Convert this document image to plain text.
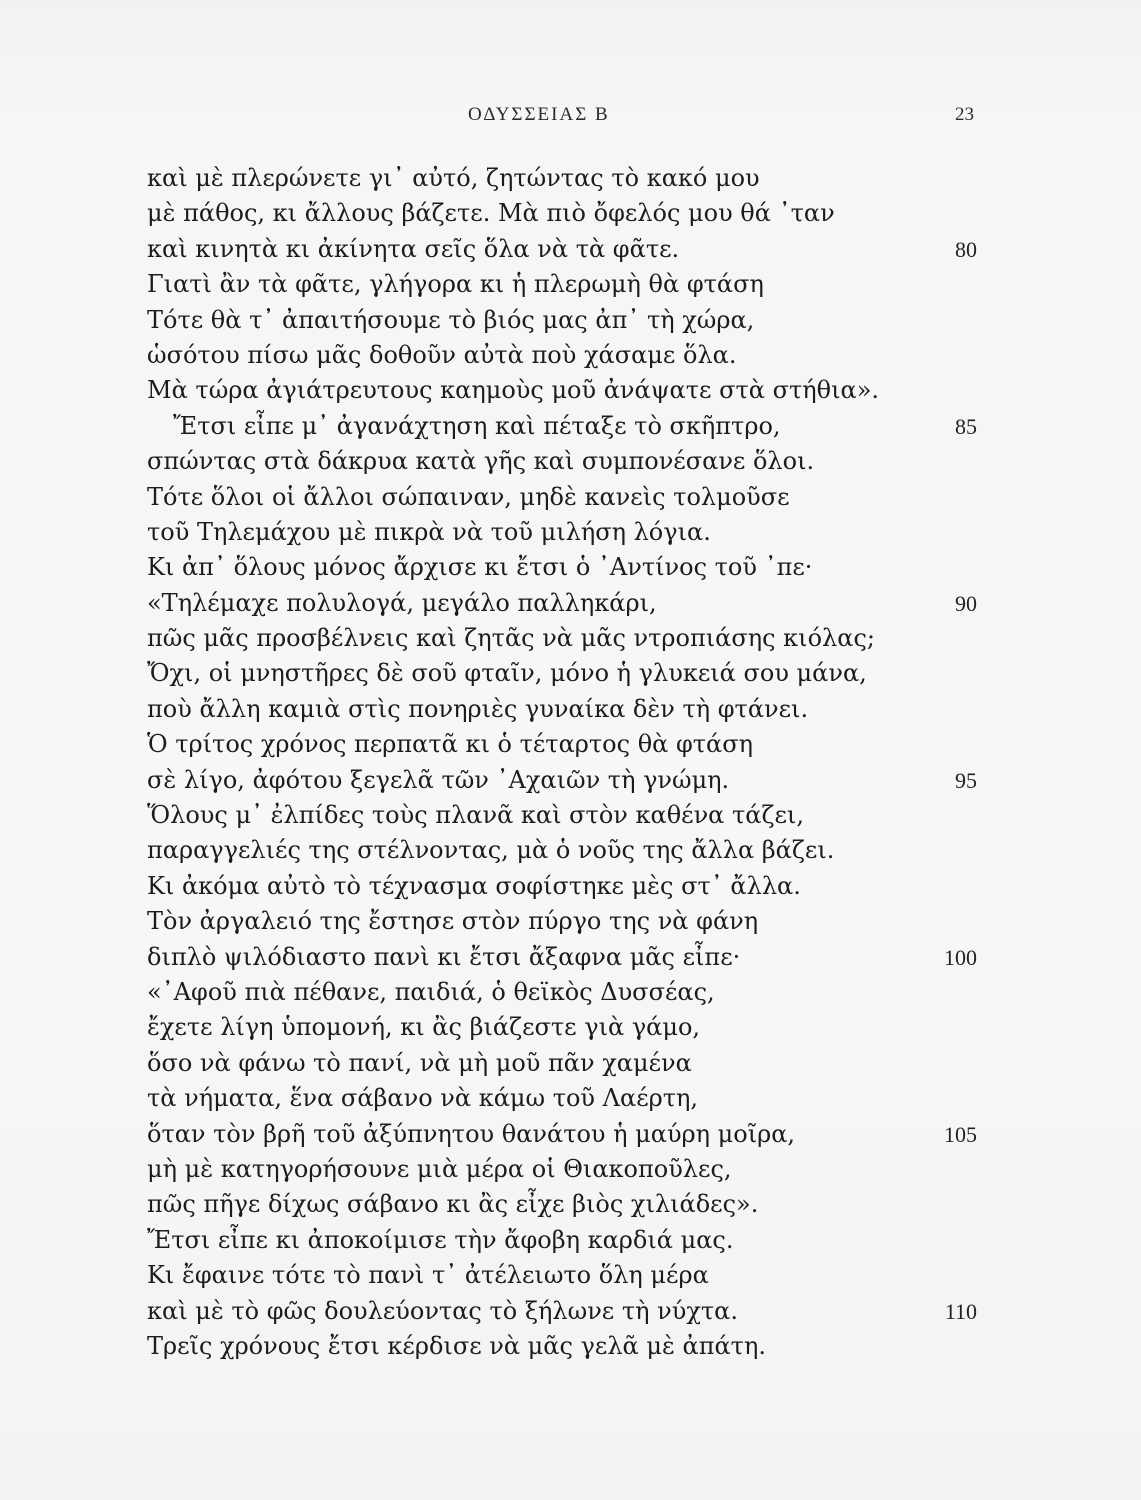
ΟΔΥΣΣΕΙΑΣ Β	23
καὶ μὲ πλερώνετε γι᾽ αὐτό, ζητώντας τὸ κακό μου
μὲ πάθος, κι ἄλλους βάζετε. Μὰ πιὸ ὄφελός μου θά ᾽ταν
καὶ κινητὰ κι ἀκίνητα σεῖς ὅλα νὰ τὰ φᾶτε.	80
Γιατὶ ἂν τὰ φᾶτε, γλήγορα κι ἡ πλερωμὴ θὰ φτάση
Τότε θὰ τ᾽ ἀπαιτήσουμε τὸ βιός μας ἀπ᾽ τὴ χώρα,
ὡσότου πίσω μᾶς δοθοῦν αὐτὰ ποὺ χάσαμε ὅλα.
Μὰ τώρα ἀγιάτρευτους καημοὺς μοῦ ἀνάψατε στὰ στήθια».
Ἔτσι εἶπε μ᾽ ἀγανάχτηση καὶ πέταξε τὸ σκῆπτρο,	85
σπώντας στὰ δάκρυα κατὰ γῆς καὶ συμπονέσανε ὅλοι.
Τότε ὅλοι οἱ ἄλλοι σώπαιναν, μηδὲ κανεὶς τολμοῦσε
τοῦ Τηλεμάχου μὲ πικρὰ νὰ τοῦ μιλήση λόγια.
Κι ἀπ᾽ ὅλους μόνος ἄρχισε κι ἔτσι ὁ ᾽Αντίνος τοῦ ᾽πε·
«Τηλέμαχε πολυλογά, μεγάλο παλληκάρι,	90
πῶς μᾶς προσβέλνεις καὶ ζητᾶς νὰ μᾶς ντροπιάσης κιόλας;
Ὄχι, οἱ μνηστῆρες δὲ σοῦ φταῖν, μόνο ἡ γλυκειά σου μάνα,
ποὺ ἄλλη καμιὰ στὶς πονηριὲς γυναίκα δὲν τὴ φτάνει.
Ὁ τρίτος χρόνος περπατᾶ κι ὁ τέταρτος θὰ φτάση
σὲ λίγο, ἀφότου ξεγελᾶ τῶν ᾽Αχαιῶν τὴ γνώμη.	95
Ὅλους μ᾽ ἐλπίδες τοὺς πλανᾶ καὶ στὸν καθένα τάζει,
παραγγελιές της στέλνοντας, μὰ ὁ νοῦς της ἄλλα βάζει.
Κι ἀκόμα αὐτὸ τὸ τέχνασμα σοφίστηκε μὲς στ᾽ ἄλλα.
Τὸν ἀργαλειό της ἔστησε στὸν πύργο της νὰ φάνη
διπλὸ ψιλόδιαστο πανὶ κι ἔτσι ἄξαφνα μᾶς εἶπε·	100
«᾽Αφοῦ πιὰ πέθανε, παιδιά, ὁ θεϊκὸς Δυσσέας,
ἔχετε λίγη ὑπομονή, κι ἂς βιάζεστε γιὰ γάμο,
ὅσο νὰ φάνω τὸ πανί, νὰ μὴ μοῦ πᾶν χαμένα
τὰ νήματα, ἕνα σάβανο νὰ κάμω τοῦ Λαέρτη,
ὅταν τὸν βρῆ τοῦ ἀξύπνητου θανάτου ἡ μαύρη μοῖρα,	105
μὴ μὲ κατηγορήσουνε μιὰ μέρα οἱ Θιακοποῦλες,
πῶς πῆγε δίχως σάβανο κι ἂς εἶχε βιὸς χιλιάδες».
Ἔτσι εἶπε κι ἀποκοίμισε τὴν ἄφοβη καρδιά μας.
Κι ἔφαινε τότε τὸ πανὶ τ᾽ ἀτέλειωτο ὅλη μέρα
καὶ μὲ τὸ φῶς δουλεύοντας τὸ ξήλωνε τὴ νύχτα.	110
Τρεῖς χρόνους ἔτσι κέρδισε νὰ μᾶς γελᾶ μὲ ἀπάτη.
